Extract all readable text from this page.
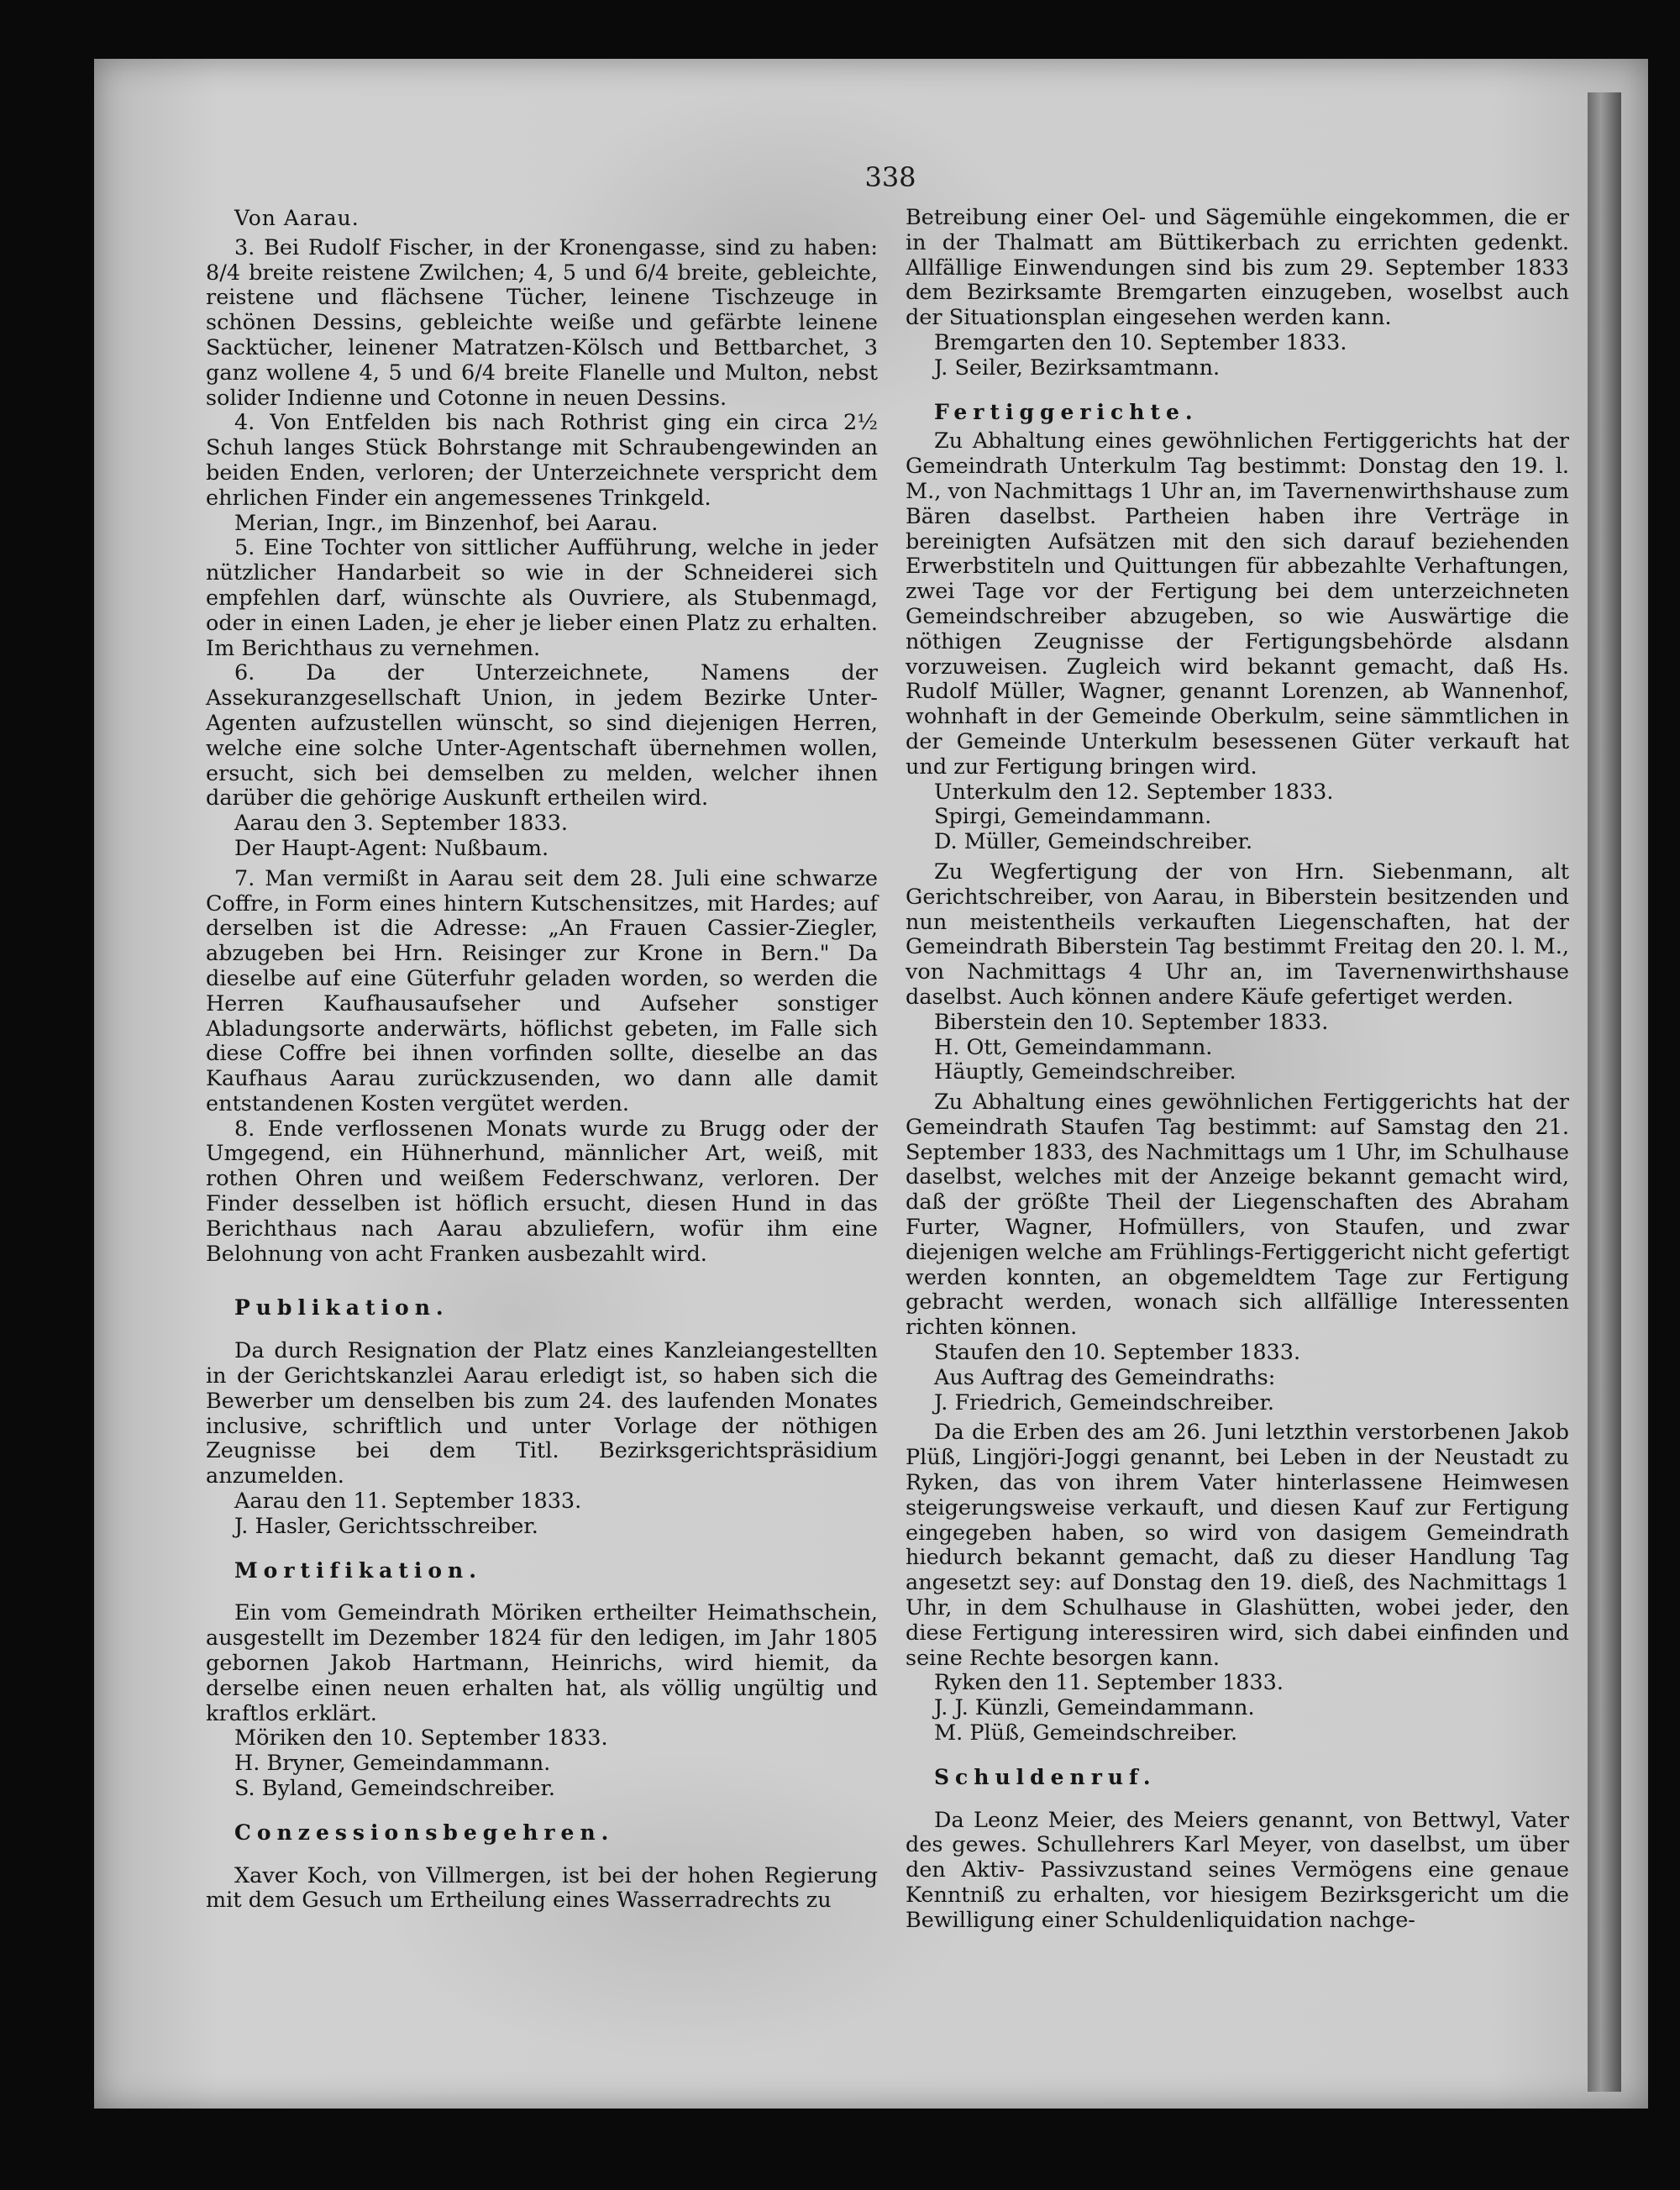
338

Von Aarau.

3. Bei Rudolf Fischer, in der Kronengasse, sind zu haben: 8/4 breite reistene Zwilchen; 4, 5 und 6/4 breite, gebleichte, reistene und flächsene Tücher, leinene Tischzeuge in schönen Dessins, gebleichte weiße und gefärbte leinene Sacktücher, leinener Matratzen-Kölsch und Bettbarchet, 3 ganz wollene 4, 5 und 6/4 breite Flanelle und Multon, nebst solider Indienne und Cotonne in neuen Dessins.

4. Von Entfelden bis nach Rothrist ging ein circa 2½ Schuh langes Stück Bohrstange mit Schraubengewinden an beiden Enden, verloren; der Unterzeichnete verspricht dem ehrlichen Finder ein angemessenes Trinkgeld.

Merian, Ingr., im Binzenhof, bei Aarau.

5. Eine Tochter von sittlicher Aufführung, welche in jeder nützlicher Handarbeit so wie in der Schneiderei sich empfehlen darf, wünschte als Ouvriere, als Stubenmagd, oder in einen Laden, je eher je lieber einen Platz zu erhalten. Im Berichthaus zu vernehmen.

6. Da der Unterzeichnete, Namens der Assekuranzgesellschaft Union, in jedem Bezirke Unter-Agenten aufzustellen wünscht, so sind diejenigen Herren, welche eine solche Unter-Agentschaft übernehmen wollen, ersucht, sich bei demselben zu melden, welcher ihnen darüber die gehörige Auskunft ertheilen wird.

Aarau den 3. September 1833.

Der Haupt-Agent: Nußbaum.

7. Man vermißt in Aarau seit dem 28. Juli eine schwarze Coffre, in Form eines hintern Kutschensitzes, mit Hardes; auf derselben ist die Adresse: „An Frauen Cassier-Ziegler, abzugeben bei Hrn. Reisinger zur Krone in Bern." Da dieselbe auf eine Güterfuhr geladen worden, so werden die Herren Kaufhausaufseher und Aufseher sonstiger Abladungsorte anderwärts, höflichst gebeten, im Falle sich diese Coffre bei ihnen vorfinden sollte, dieselbe an das Kaufhaus Aarau zurückzusenden, wo dann alle damit entstandenen Kosten vergütet werden.

8. Ende verflossenen Monats wurde zu Brugg oder der Umgegend, ein Hühnerhund, männlicher Art, weiß, mit rothen Ohren und weißem Federschwanz, verloren. Der Finder desselben ist höflich ersucht, diesen Hund in das Berichthaus nach Aarau abzuliefern, wofür ihm eine Belohnung von acht Franken ausbezahlt wird.

Publikation.

Da durch Resignation der Platz eines Kanzleiangestellten in der Gerichtskanzlei Aarau erledigt ist, so haben sich die Bewerber um denselben bis zum 24. des laufenden Monates inclusive, schriftlich und unter Vorlage der nöthigen Zeugnisse bei dem Titl. Bezirksgerichtspräsidium anzumelden.

Aarau den 11. September 1833.

J. Hasler, Gerichtsschreiber.

Mortifikation.

Ein vom Gemeindrath Möriken ertheilter Heimathschein, ausgestellt im Dezember 1824 für den ledigen, im Jahr 1805 gebornen Jakob Hartmann, Heinrichs, wird hiemit, da derselbe einen neuen erhalten hat, als völlig ungültig und kraftlos erklärt.

Möriken den 10. September 1833.

H. Bryner, Gemeindammann.

S. Byland, Gemeindschreiber.

Conzessionsbegehren.

Xaver Koch, von Villmergen, ist bei der hohen Regierung mit dem Gesuch um Ertheilung eines Wasserradrechts zu

Betreibung einer Oel- und Sägemühle eingekommen, die er in der Thalmatt am Büttikerbach zu errichten gedenkt. Allfällige Einwendungen sind bis zum 29. September 1833 dem Bezirksamte Bremgarten einzugeben, woselbst auch der Situationsplan eingesehen werden kann.

Bremgarten den 10. September 1833.

J. Seiler, Bezirksamtmann.

Fertiggerichte.

Zu Abhaltung eines gewöhnlichen Fertiggerichts hat der Gemeindrath Unterkulm Tag bestimmt: Donstag den 19. l. M., von Nachmittags 1 Uhr an, im Tavernenwirthshause zum Bären daselbst. Partheien haben ihre Verträge in bereinigten Aufsätzen mit den sich darauf beziehenden Erwerbstiteln und Quittungen für abbezahlte Verhaftungen, zwei Tage vor der Fertigung bei dem unterzeichneten Gemeindschreiber abzugeben, so wie Auswärtige die nöthigen Zeugnisse der Fertigungsbehörde alsdann vorzuweisen. Zugleich wird bekannt gemacht, daß Hs. Rudolf Müller, Wagner, genannt Lorenzen, ab Wannenhof, wohnhaft in der Gemeinde Oberkulm, seine sämmtlichen in der Gemeinde Unterkulm besessenen Güter verkauft hat und zur Fertigung bringen wird.

Unterkulm den 12. September 1833.

Spirgi, Gemeindammann.

D. Müller, Gemeindschreiber.

Zu Wegfertigung der von Hrn. Siebenmann, alt Gerichtschreiber, von Aarau, in Biberstein besitzenden und nun meistentheils verkauften Liegenschaften, hat der Gemeindrath Biberstein Tag bestimmt Freitag den 20. l. M., von Nachmittags 4 Uhr an, im Tavernenwirthshause daselbst. Auch können andere Käufe gefertiget werden.

Biberstein den 10. September 1833.

H. Ott, Gemeindammann.

Häuptly, Gemeindschreiber.

Zu Abhaltung eines gewöhnlichen Fertiggerichts hat der Gemeindrath Staufen Tag bestimmt: auf Samstag den 21. September 1833, des Nachmittags um 1 Uhr, im Schulhause daselbst, welches mit der Anzeige bekannt gemacht wird, daß der größte Theil der Liegenschaften des Abraham Furter, Wagner, Hofmüllers, von Staufen, und zwar diejenigen welche am Frühlings-Fertiggericht nicht gefertigt werden konnten, an obgemeldtem Tage zur Fertigung gebracht werden, wonach sich allfällige Interessenten richten können.

Staufen den 10. September 1833.

Aus Auftrag des Gemeindraths:

J. Friedrich, Gemeindschreiber.

Da die Erben des am 26. Juni letzthin verstorbenen Jakob Plüß, Lingjöri-Joggi genannt, bei Leben in der Neustadt zu Ryken, das von ihrem Vater hinterlassene Heimwesen steigerungsweise verkauft, und diesen Kauf zur Fertigung eingegeben haben, so wird von dasigem Gemeindrath hiedurch bekannt gemacht, daß zu dieser Handlung Tag angesetzt sey: auf Donstag den 19. dieß, des Nachmittags 1 Uhr, in dem Schulhause in Glashütten, wobei jeder, den diese Fertigung interessiren wird, sich dabei einfinden und seine Rechte besorgen kann.

Ryken den 11. September 1833.

J. J. Künzli, Gemeindammann.

M. Plüß, Gemeindschreiber.

Schuldenruf.

Da Leonz Meier, des Meiers genannt, von Bettwyl, Vater des gewes. Schullehrers Karl Meyer, von daselbst, um über den Aktiv- Passivzustand seines Vermögens eine genaue Kenntniß zu erhalten, vor hiesigem Bezirksgericht um die Bewilligung einer Schuldenliquidation nachge-
